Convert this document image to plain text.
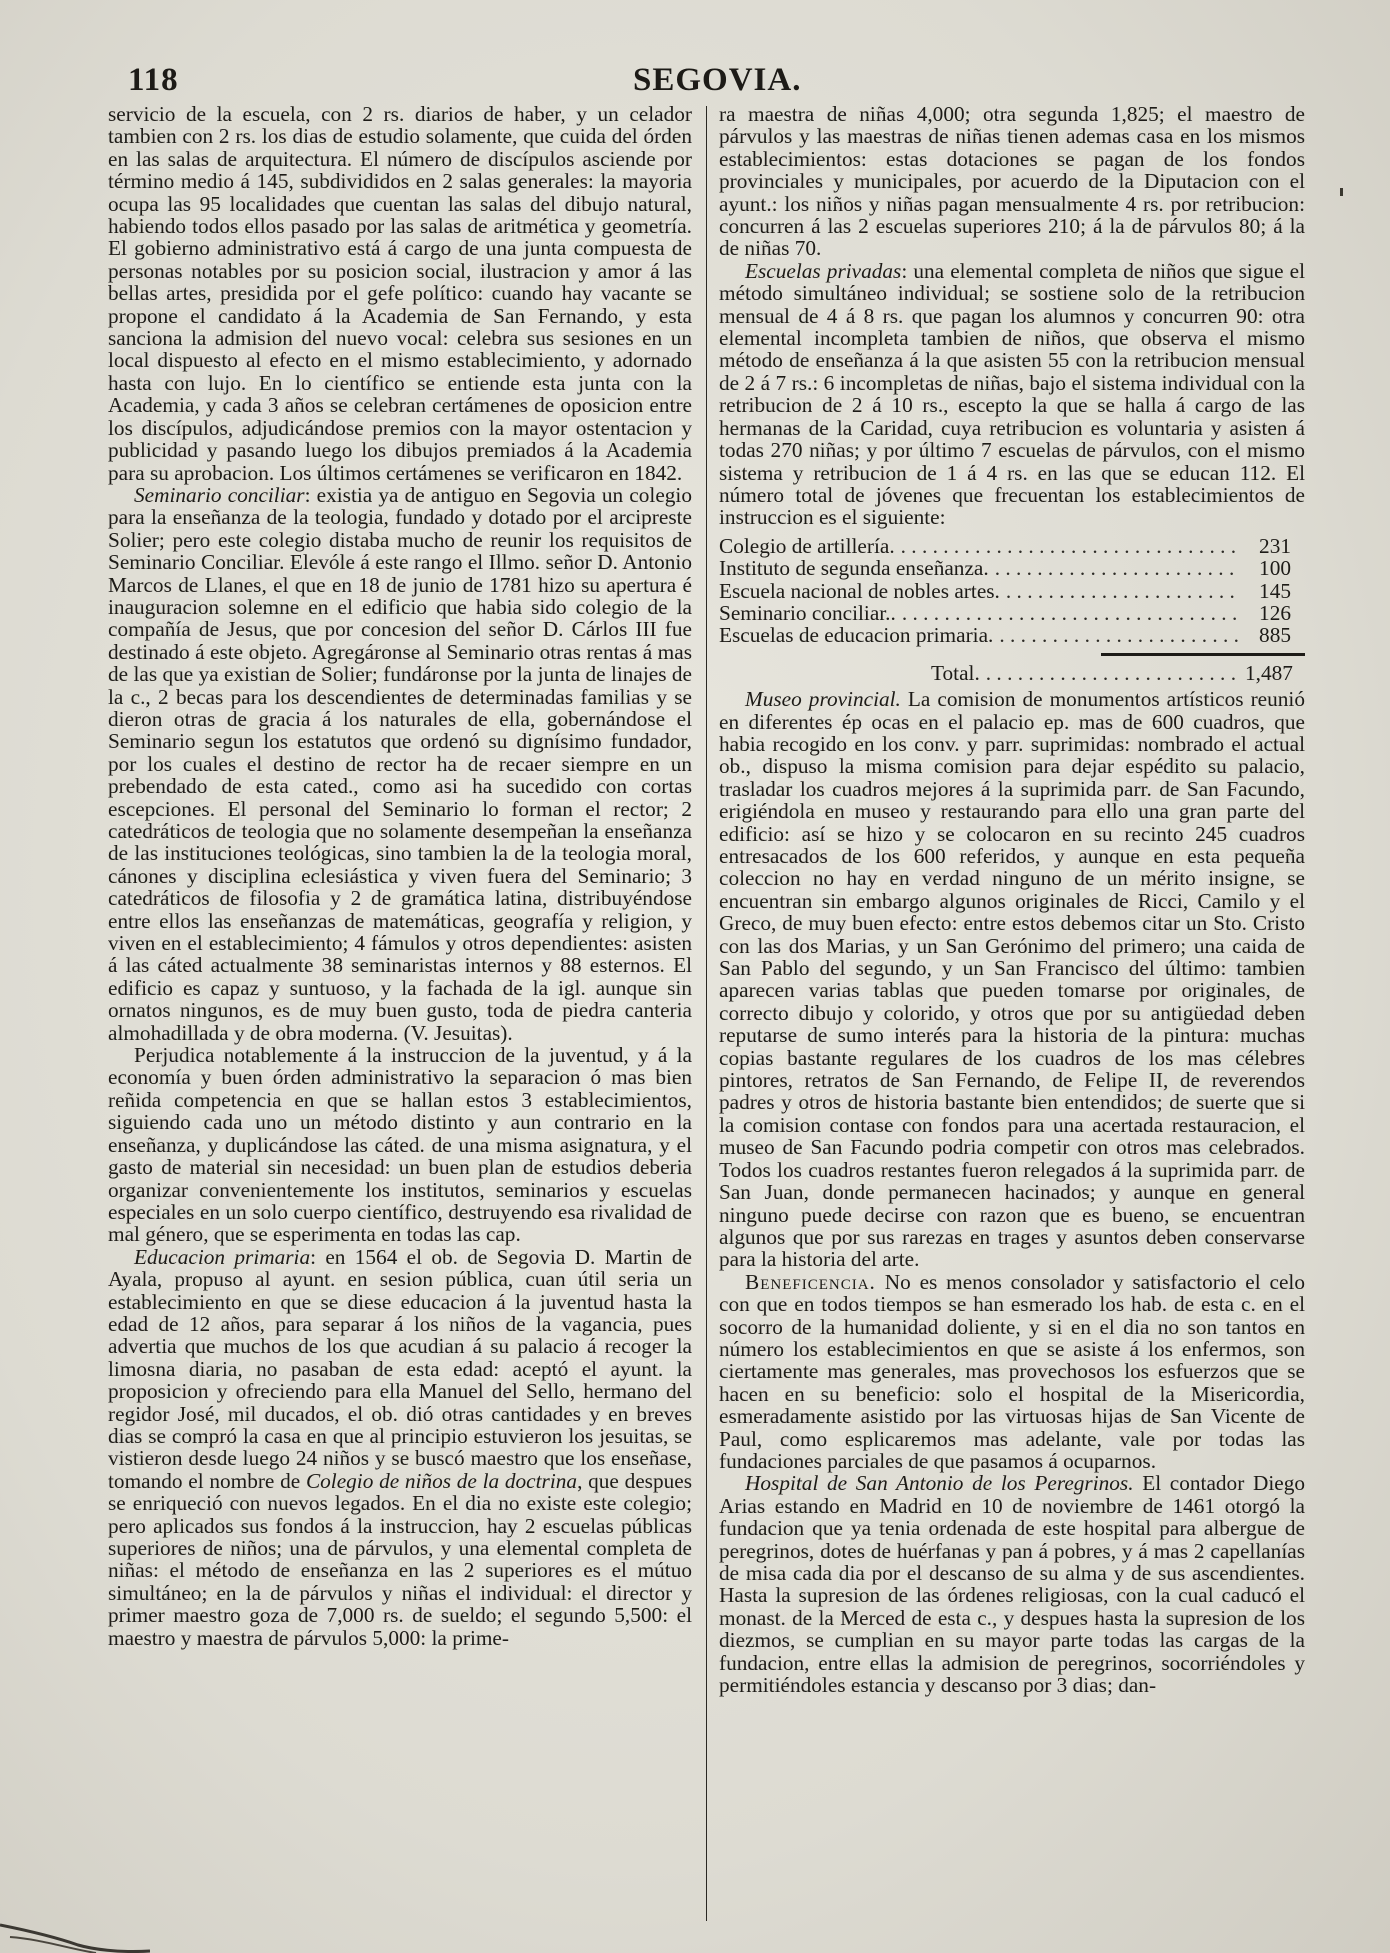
118	SEGOVIA.

servicio de la escuela, con 2 rs. diarios de haber, y un celador tambien con 2 rs. los dias de estudio solamente, que cuida del órden en las salas de arquitectura. El número de discípulos asciende por término medio á 145, subdivididos en 2 salas generales: la mayoria ocupa las 95 localidades que cuentan las salas del dibujo natural, habiendo todos ellos pasado por las salas de aritmética y geometría. El gobierno administrativo está á cargo de una junta compuesta de personas notables por su posicion social, ilustracion y amor á las bellas artes, presidida por el gefe político: cuando hay vacante se propone el candidato á la Academia de San Fernando, y esta sanciona la admision del nuevo vocal: celebra sus sesiones en un local dispuesto al efecto en el mismo establecimiento, y adornado hasta con lujo. En lo científico se entiende esta junta con la Academia, y cada 3 años se celebran certámenes de oposicion entre los discípulos, adjudicándose premios con la mayor ostentacion y publicidad y pasando luego los dibujos premiados á la Academia para su aprobacion. Los últimos certámenes se verificaron en 1842.

Seminario conciliar: existia ya de antiguo en Segovia un colegio para la enseñanza de la teologia, fundado y dotado por el arcipreste Solier; pero este colegio distaba mucho de reunir los requisitos de Seminario Conciliar. Elevóle á este rango el Illmo. señor D. Antonio Marcos de Llanes, el que en 18 de junio de 1781 hizo su apertura é inauguracion solemne en el edificio que habia sido colegio de la compañía de Jesus, que por concesion del señor D. Cárlos III fue destinado á este objeto. Agregáronse al Seminario otras rentas á mas de las que ya existian de Solier; fundáronse por la junta de linajes de la c., 2 becas para los descendientes de determinadas familias y se dieron otras de gracia á los naturales de ella, gobernándose el Seminario segun los estatutos que ordenó su dignísimo fundador, por los cuales el destino de rector ha de recaer siempre en un prebendado de esta cated., como asi ha sucedido con cortas escepciones. El personal del Seminario lo forman el rector; 2 catedráticos de teologia que no solamente desempeñan la enseñanza de las instituciones teológicas, sino tambien la de la teologia moral, cánones y disciplina eclesiástica y viven fuera del Seminario; 3 catedráticos de filosofia y 2 de gramática latina, distribuyéndose entre ellos las enseñanzas de matemáticas, geografía y religion, y viven en el establecimiento; 4 fámulos y otros dependientes: asisten á las cáted actualmente 38 seminaristas internos y 88 esternos. El edificio es capaz y suntuoso, y la fachada de la igl. aunque sin ornatos ningunos, es de muy buen gusto, toda de piedra canteria almohadillada y de obra moderna. (V. Jesuitas).

Perjudica notablemente á la instruccion de la juventud, y á la economía y buen órden administrativo la separacion ó mas bien reñida competencia en que se hallan estos 3 establecimientos, siguiendo cada uno un método distinto y aun contrario en la enseñanza, y duplicándose las cáted. de una misma asignatura, y el gasto de material sin necesidad: un buen plan de estudios deberia organizar convenientemente los institutos, seminarios y escuelas especiales en un solo cuerpo científico, destruyendo esa rivalidad de mal género, que se esperimenta en todas las cap.

Educacion primaria: en 1564 el ob. de Segovia D. Martin de Ayala, propuso al ayunt. en sesion pública, cuan útil seria un establecimiento en que se diese educacion á la juventud hasta la edad de 12 años, para separar á los niños de la vagancia, pues advertia que muchos de los que acudian á su palacio á recoger la limosna diaria, no pasaban de esta edad: aceptó el ayunt. la proposicion y ofreciendo para ella Manuel del Sello, hermano del regidor José, mil ducados, el ob. dió otras cantidades y en breves dias se compró la casa en que al principio estuvieron los jesuitas, se vistieron desde luego 24 niños y se buscó maestro que los enseñase, tomando el nombre de Colegio de niños de la doctrina, que despues se enriqueció con nuevos legados. En el dia no existe este colegio; pero aplicados sus fondos á la instruccion, hay 2 escuelas públicas superiores de niños; una de párvulos, y una elemental completa de niñas: el método de enseñanza en las 2 superiores es el mútuo simultáneo; en la de párvulos y niñas el individual: el director y primer maestro goza de 7,000 rs. de sueldo; el segundo 5,500: el maestro y maestra de párvulos 5,000: la prime-

ra maestra de niñas 4,000; otra segunda 1,825; el maestro de párvulos y las maestras de niñas tienen ademas casa en los mismos establecimientos: estas dotaciones se pagan de los fondos provinciales y municipales, por acuerdo de la Diputacion con el ayunt.: los niños y niñas pagan mensualmente 4 rs. por retribucion: concurren á las 2 escuelas superiores 210; á la de párvulos 80; á la de niñas 70.

Escuelas privadas: una elemental completa de niños que sigue el método simultáneo individual; se sostiene solo de la retribucion mensual de 4 á 8 rs. que pagan los alumnos y concurren 90: otra elemental incompleta tambien de niños, que observa el mismo método de enseñanza á la que asisten 55 con la retribucion mensual de 2 á 7 rs.: 6 incompletas de niñas, bajo el sistema individual con la retribucion de 2 á 10 rs., escepto la que se halla á cargo de las hermanas de la Caridad, cuya retribucion es voluntaria y asisten á todas 270 niñas; y por último 7 escuelas de párvulos, con el mismo sistema y retribucion de 1 á 4 rs. en las que se educan 112. El número total de jóvenes que frecuentan los establecimientos de instruccion es el siguiente:

Colegio de artillería. . . .	231
Instituto de segunda enseñanza. . . .	100
Escuela nacional de nobles artes. . . .	145
Seminario conciliar.. . . .	126
Escuelas de educacion primaria. . . .	885
Total. . . .	1,487

Museo provincial. La comision de monumentos artísticos reunió en diferentes ép ocas en el palacio ep. mas de 600 cuadros, que habia recogido en los conv. y parr. suprimidas: nombrado el actual ob., dispuso la misma comision para dejar espédito su palacio, trasladar los cuadros mejores á la suprimida parr. de San Facundo, erigiéndola en museo y restaurando para ello una gran parte del edificio: así se hizo y se colocaron en su recinto 245 cuadros entresacados de los 600 referidos, y aunque en esta pequeña coleccion no hay en verdad ninguno de un mérito insigne, se encuentran sin embargo algunos originales de Ricci, Camilo y el Greco, de muy buen efecto: entre estos debemos citar un Sto. Cristo con las dos Marias, y un San Gerónimo del primero; una caida de San Pablo del segundo, y un San Francisco del último: tambien aparecen varias tablas que pueden tomarse por originales, de correcto dibujo y colorido, y otros que por su antigüedad deben reputarse de sumo interés para la historia de la pintura: muchas copias bastante regulares de los cuadros de los mas célebres pintores, retratos de San Fernando, de Felipe II, de reverendos padres y otros de historia bastante bien entendidos; de suerte que si la comision contase con fondos para una acertada restauracion, el museo de San Facundo podria competir con otros mas celebrados. Todos los cuadros restantes fueron relegados á la suprimida parr. de San Juan, donde permanecen hacinados; y aunque en general ninguno puede decirse con razon que es bueno, se encuentran algunos que por sus rarezas en trages y asuntos deben conservarse para la historia del arte.

Beneficencia. No es menos consolador y satisfactorio el celo con que en todos tiempos se han esmerado los hab. de esta c. en el socorro de la humanidad doliente, y si en el dia no son tantos en número los establecimientos en que se asiste á los enfermos, son ciertamente mas generales, mas provechosos los esfuerzos que se hacen en su beneficio: solo el hospital de la Misericordia, esmeradamente asistido por las virtuosas hijas de San Vicente de Paul, como esplicaremos mas adelante, vale por todas las fundaciones parciales de que pasamos á ocuparnos.

Hospital de San Antonio de los Peregrinos. El contador Diego Arias estando en Madrid en 10 de noviembre de 1461 otorgó la fundacion que ya tenia ordenada de este hospital para albergue de peregrinos, dotes de huérfanas y pan á pobres, y á mas 2 capellanías de misa cada dia por el descanso de su alma y de sus ascendientes. Hasta la supresion de las órdenes religiosas, con la cual caducó el monast. de la Merced de esta c., y despues hasta la supresion de los diezmos, se cumplian en su mayor parte todas las cargas de la fundacion, entre ellas la admision de peregrinos, socorriéndoles y permitiéndoles estancia y descanso por 3 dias; dan-
